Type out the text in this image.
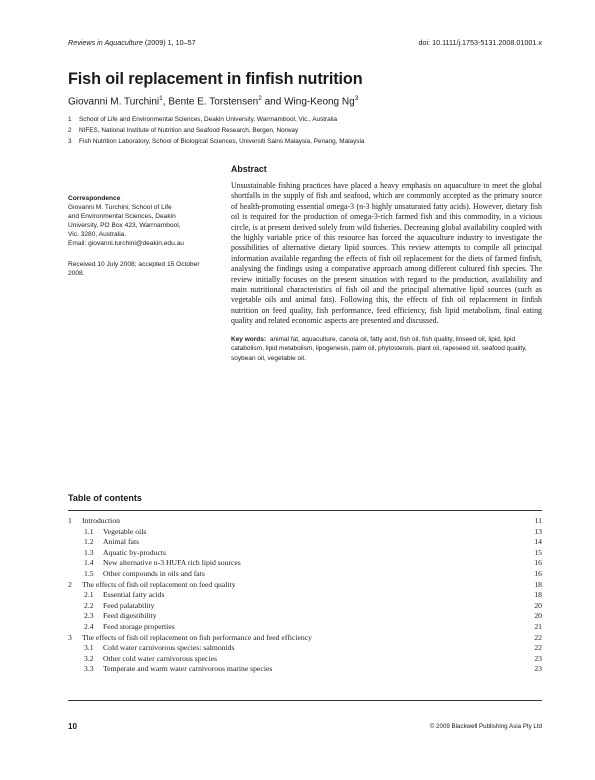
Reviews in Aquaculture (2009) 1, 10–57	doi: 10.1111/j.1753-5131.2008.01001.x
Fish oil replacement in finfish nutrition
Giovanni M. Turchini$^1$, Bente E. Torstensen$^2$ and Wing-Keong Ng$^3$
1	School of Life and Environmental Sciences, Deakin University, Warrnambool, Vic., Australia
2	NIFES, National Institute of Nutrition and Seafood Research, Bergen, Norway
3	Fish Nutrition Laboratory, School of Biological Sciences, Universiti Sains Malaysia, Penang, Malaysia
Correspondence
Giovanni M. Turchini, School of Life
and Environmental Sciences, Deakin
University, PO Box 423, Warrnambool,
Vic. 3280, Australia.
Email: giovanni.turchini@deakin.edu.au
Received 10 July 2008; accepted 15 October
2008.
Abstract
Unsustainable fishing practices have placed a heavy emphasis on aquaculture to meet the global shortfalls in the supply of fish and seafood, which are commonly accepted as the primary source of health-promoting essential omega-3 (n-3 highly unsaturated fatty acids). However, dietary fish oil is required for the production of omega-3-rich farmed fish and this commodity, in a vicious circle, is at present derived solely from wild fisheries. Decreasing global availability coupled with the highly variable price of this resource has forced the aquaculture industry to investigate the possibilities of alternative dietary lipid sources. This review attempts to compile all principal information available regarding the effects of fish oil replacement for the diets of farmed finfish, analysing the findings using a comparative approach among different cultured fish species. The review initially focuses on the present situation with regard to the production, availability and main nutritional characteristics of fish oil and the principal alternative lipid sources (such as vegetable oils and animal fats). Following this, the effects of fish oil replacement in finfish nutrition on feed quality, fish performance, feed efficiency, fish lipid metabolism, final eating quality and related economic aspects are presented and discussed.
Key words: animal fat, aquaculture, canola oil, fatty acid, fish oil, fish quality, linseed oil, lipid, lipid catabolism, lipid metabolism, lipogenesis, palm oil, phytosterols, plant oil, rapeseed oil, seafood quality, soybean oil, vegetable oil.
Table of contents
1 Introduction	11
1.1 Vegetable oils	13
1.2 Animal fats	14
1.3 Aquatic by-products	15
1.4 New alternative n-3 HUFA rich lipid sources	16
1.5 Other compounds in oils and fats	16
2 The effects of fish oil replacement on feed quality	18
2.1 Essential fatty acids	18
2.2 Feed palatability	20
2.3 Feed digestibility	20
2.4 Feed storage properties	21
3 The effects of fish oil replacement on fish performance and feed efficiency	22
3.1 Cold water carnivorous species: salmonids	22
3.2 Other cold water carnivorous species	23
3.3 Temperate and warm water carnivorous marine species	23
10	© 2009 Blackwell Publishing Asia Pty Ltd
